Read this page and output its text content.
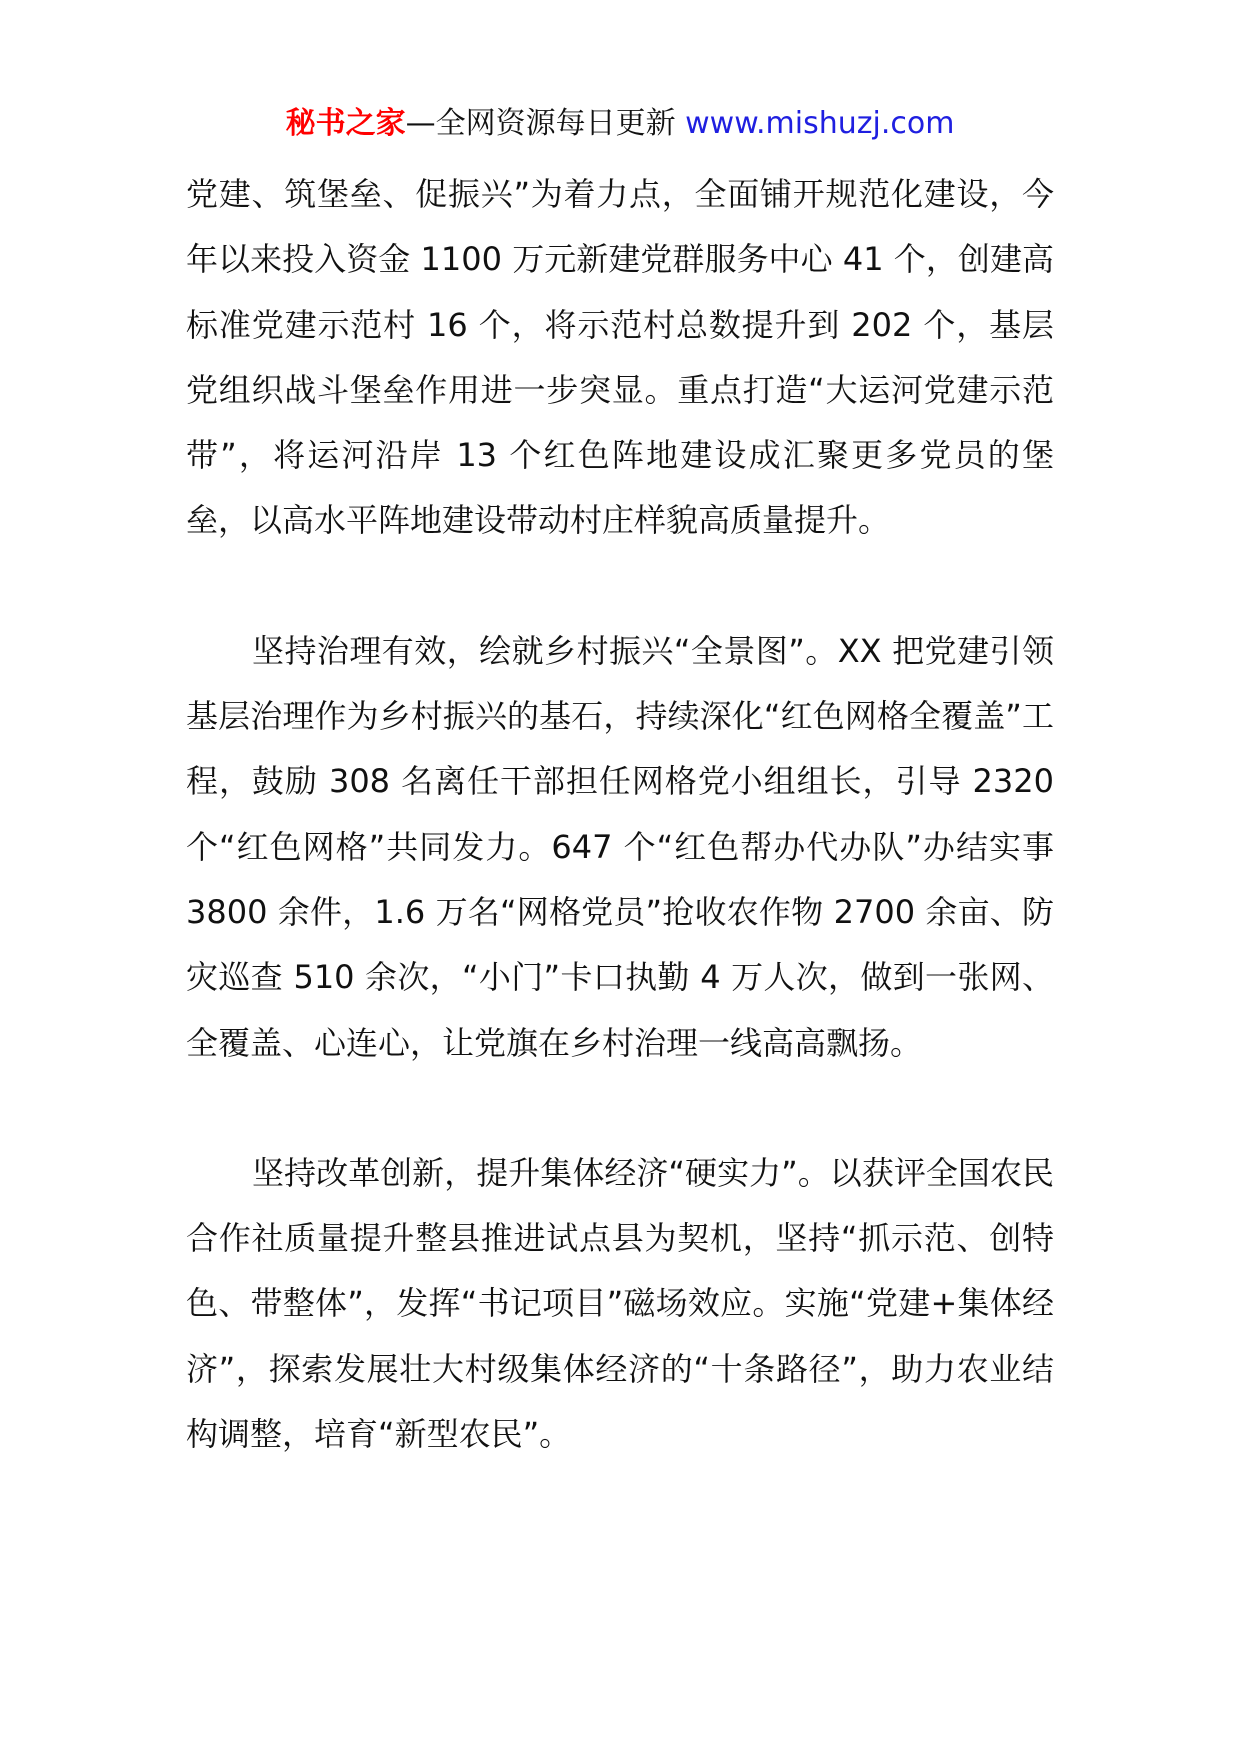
秘书之家—全网资源每日更新 www.mishuzj.com

党建、筑堡垒、促振兴”为着力点，全面铺开规范化建设，今年以来投入资金 1100 万元新建党群服务中心 41 个，创建高标准党建示范村 16 个，将示范村总数提升到 202 个，基层党组织战斗堡垒作用进一步突显。重点打造“大运河党建示范带”，将运河沿岸 13 个红色阵地建设成汇聚更多党员的堡垒，以高水平阵地建设带动村庄样貌高质量提升。

坚持治理有效，绘就乡村振兴“全景图”。XX 把党建引领基层治理作为乡村振兴的基石，持续深化“红色网格全覆盖”工程，鼓励 308 名离任干部担任网格党小组组长，引导 2320 个“红色网格”共同发力。647 个“红色帮办代办队”办结实事 3800 余件，1.6 万名“网格党员”抢收农作物 2700 余亩、防灾巡查 510 余次，“小门”卡口执勤 4 万人次，做到一张网、全覆盖、心连心，让党旗在乡村治理一线高高飘扬。

坚持改革创新，提升集体经济“硬实力”。以获评全国农民合作社质量提升整县推进试点县为契机，坚持“抓示范、创特色、带整体”，发挥“书记项目”磁场效应。实施“党建+集体经济”，探索发展壮大村级集体经济的“十条路径”，助力农业结构调整，培育“新型农民”。
